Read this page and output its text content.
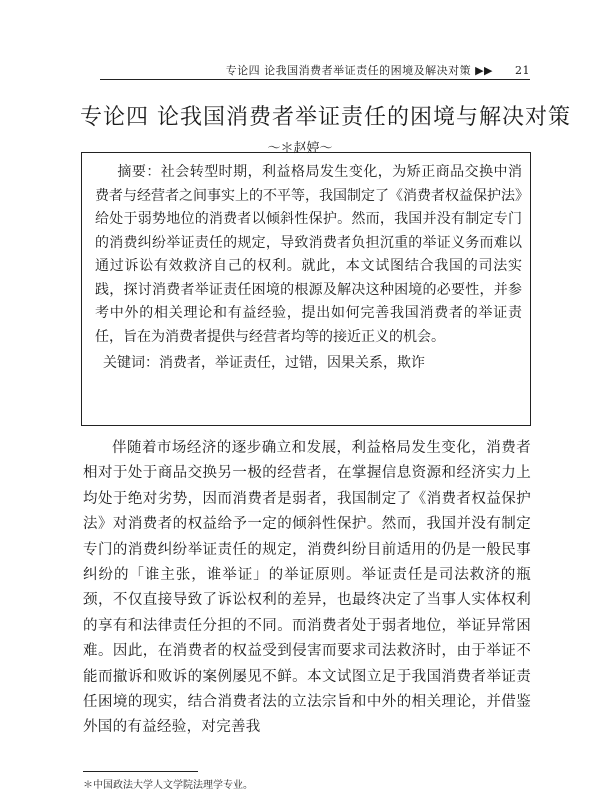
专论四 论我国消费者举证责任的困境及解决对策 ▶▶ 21
专论四 论我国消费者举证责任的困境与解决对策
～＊赵婷～

摘要：社会转型时期，利益格局发生变化，为矫正商品交换中消费者与经营者之间事实上的不平等，我国制定了《消费者权益保护法》给处于弱势地位的消费者以倾斜性保护。然而，我国并没有制定专门的消费纠纷举证责任的规定，导致消费者负担沉重的举证义务而难以通过诉讼有效救济自己的权利。就此，本文试图结合我国的司法实践，探讨消费者举证责任困境的根源及解决这种困境的必要性，并参考中外的相关理论和有益经验，提出如何完善我国消费者的举证责任，旨在为消费者提供与经营者均等的接近正义的机会。

关键词：消费者，举证责任，过错，因果关系，欺诈

伴随着市场经济的逐步确立和发展，利益格局发生变化，消费者相对于处于商品交换另一极的经营者，在掌握信息资源和经济实力上均处于绝对劣势，因而消费者是弱者，我国制定了《消费者权益保护法》对消费者的权益给予一定的倾斜性保护。然而，我国并没有制定专门的消费纠纷举证责任的规定，消费纠纷目前适用的仍是一般民事纠纷的「谁主张，谁举证」的举证原则。举证责任是司法救济的瓶颈，不仅直接导致了诉讼权利的差异，也最终决定了当事人实体权利的享有和法律责任分担的不同。而消费者处于弱者地位，举证异常困难。因此，在消费者的权益受到侵害而要求司法救济时，由于举证不能而撤诉和败诉的案例屡见不鲜。本文试图立足于我国消费者举证责任困境的现实，结合消费者法的立法宗旨和中外的相关理论，并借鉴外国的有益经验，对完善我

＊中国政法大学人文学院法理学专业。
